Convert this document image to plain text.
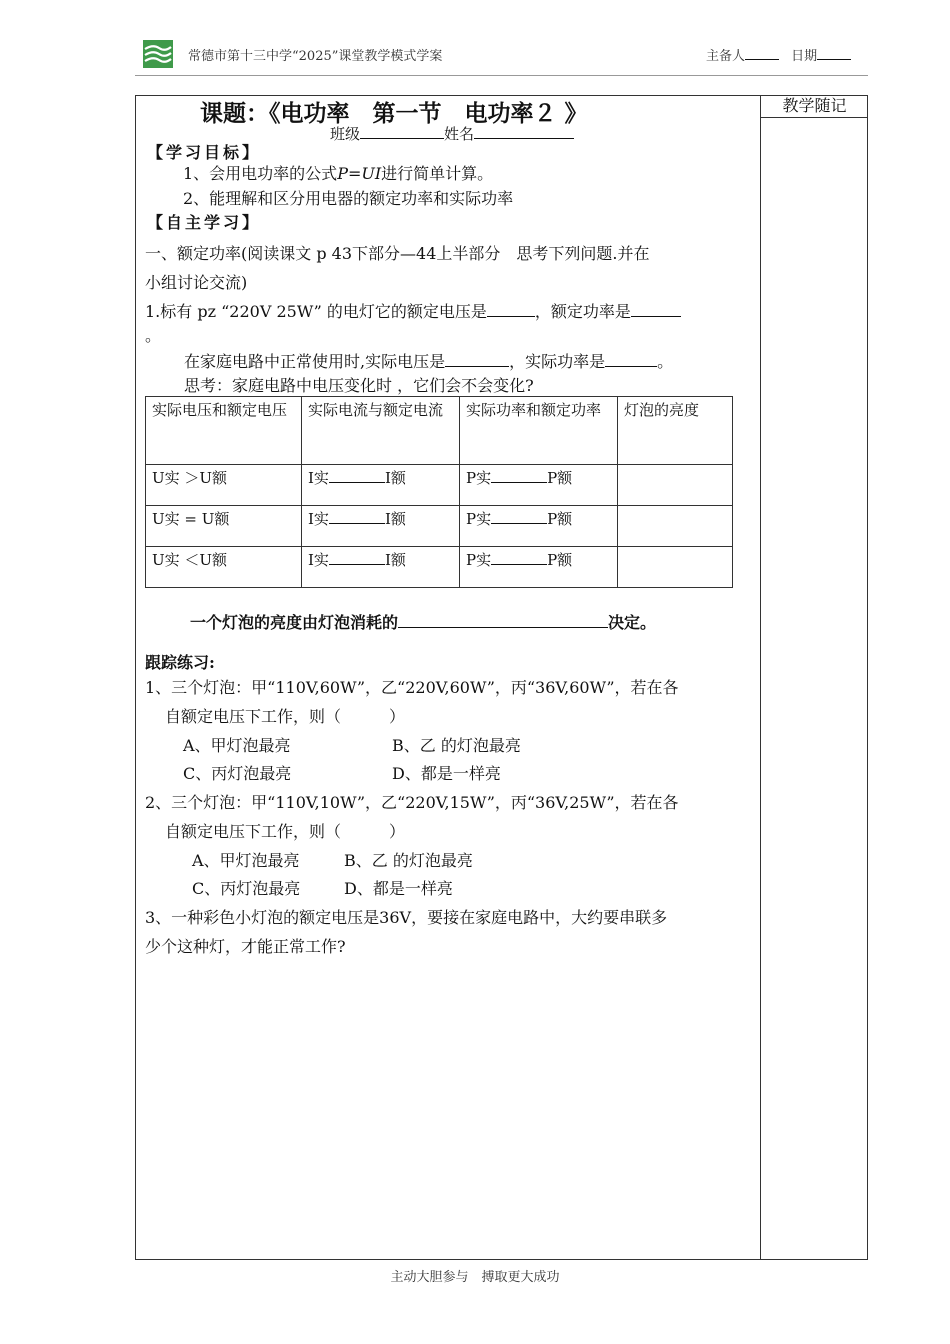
常德市第十三中学“2025”课堂教学模式学案	主备人	日期
教学随记
课题：《电功率　第一节　电功率２ 》
班级	姓名
【学习目标】
1、会用电功率的公式P=UI进行简单计算。
2、能理解和区分用电器的额定功率和实际功率
【自主学习】
一、额定功率(阅读课文 p 43下部分—44上半部分　思考下列问题.并在
小组讨论交流)
1.标有 pz “220V 25W” 的电灯它的额定电压是	，额定功率是
。
在家庭电路中正常使用时,实际电压是	，实际功率是	。
思考：家庭电路中电压变化时 ，它们会不会变化?
实际电压和额定电压	实际电流与额定电流	实际功率和额定功率	灯泡的亮度
U实 ＞U额	I实 I额	P实 P额	
U实 = U额	I实 I额	P实 P额	
U实 ＜U额	I实 I额	P实 P额	
一个灯泡的亮度由灯泡消耗的	决定。
跟踪练习:
1、三个灯泡：甲“110V,60W”，乙“220V,60W”，丙“36V,60W”，若在各
自额定电压下工作，则（　　　）
A、甲灯泡最亮	B、乙 的灯泡最亮
C、丙灯泡最亮	D、都是一样亮
2、三个灯泡：甲“110V,10W”，乙“220V,15W”，丙“36V,25W”，若在各
自额定电压下工作，则（　　　）
A、甲灯泡最亮	B、乙 的灯泡最亮
C、丙灯泡最亮	D、都是一样亮
3、一种彩色小灯泡的额定电压是36V，要接在家庭电路中，大约要串联多
少个这种灯，才能正常工作?
主动大胆参与　搏取更大成功
